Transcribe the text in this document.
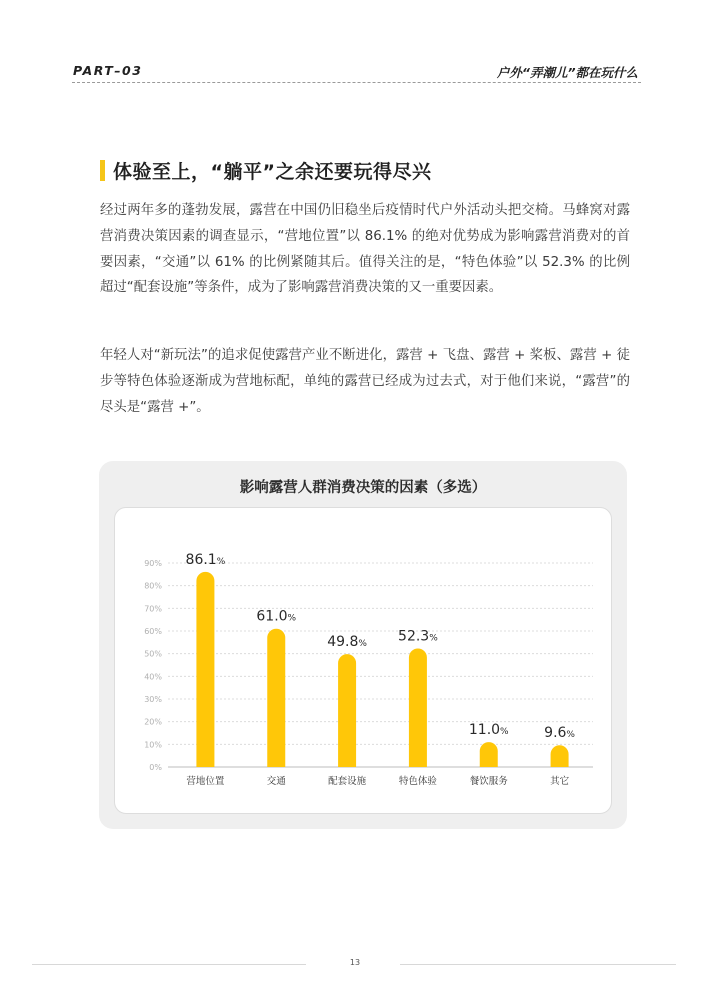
PART–03	户外“弄潮儿”都在玩什么
体验至上，“躺平”之余还要玩得尽兴

经过两年多的蓬勃发展，露营在中国仍旧稳坐后疫情时代户外活动头把交椅。马蜂窝对露营消费决策因素的调查显示，“营地位置”以 86.1% 的绝对优势成为影响露营消费对的首要因素，“交通”以 61% 的比例紧随其后。值得关注的是，“特色体验”以 52.3% 的比例超过“配套设施”等条件，成为了影响露营消费决策的又一重要因素。

年轻人对“新玩法”的追求促使露营产业不断进化，露营 + 飞盘、露营 + 桨板、露营 + 徒步等特色体验逐渐成为营地标配，单纯的露营已经成为过去式，对于他们来说，“露营”的尽头是“露营 +”。

影响露营人群消费决策的因素（多选）
0%
10%
20%
30%
40%
50%
60%
70%
80%
90% 86.1%
营地位置
61.0%
交通
49.8%
配套设施
52.3%
特色体验
11.0%
餐饮服务
9.6%
其它
13
